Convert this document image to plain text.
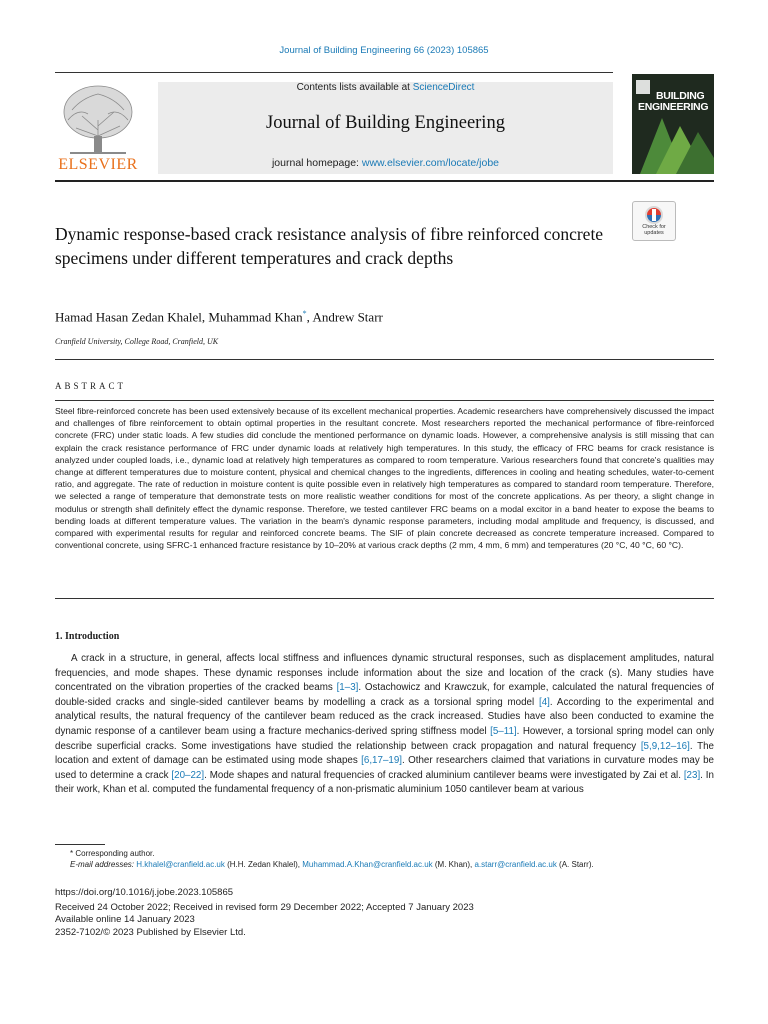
Journal of Building Engineering 66 (2023) 105865
ELSEVIER
Contents lists available at ScienceDirect
Journal of Building Engineering
journal homepage: www.elsevier.com/locate/jobe
BUILDING
ENGINEERING
Check for updates
Dynamic response-based crack resistance analysis of fibre reinforced concrete specimens under different temperatures and crack depths
Hamad Hasan Zedan Khalel, Muhammad Khan*, Andrew Starr
Cranfield University, College Road, Cranfield, UK
ABSTRACT
Steel fibre-reinforced concrete has been used extensively because of its excellent mechanical properties. Academic researchers have comprehensively discussed the impact and challenges of fibre reinforcement to obtain optimal properties in the resultant concrete. Most researchers reported the mechanical performance of fibre-reinforced concrete (FRC) under static loads. A few studies did conclude the mentioned performance on dynamic loads. However, a comprehensive analysis is still missing that can explain the crack resistance performance of FRC under dynamic loads at relatively high temperatures. In this study, the efficacy of FRC beams for crack resistance is analyzed under coupled loads, i.e., dynamic load at relatively high temperatures as compared to room temperature. Various researchers found that concrete's qualities may change at different temperatures due to moisture content, physical and chemical changes to the ingredients, differences in cooling and heating schedules, water-to-cement ratio, and aggregate. The rate of reduction in moisture content is quite possible even in relatively high temperatures as compared to standard room temperature. Therefore, we selected a range of temperature that demonstrate tests on more realistic weather conditions for most of the concrete applications. As per theory, a slight change in modulus or strength shall definitely effect the dynamic response. Therefore, we tested cantilever FRC beams on a modal excitor in a band heater to expose the beams to bending loads at different temperature values. The variation in the beam's dynamic response parameters, including modal amplitude and frequency, is discussed, and compared with experimental results for regular and reinforced concrete beams. The SIF of plain concrete decreased as concrete temperature increased. Compared to conventional concrete, using SFRC-1 enhanced fracture resistance by 10–20% at various crack depths (2 mm, 4 mm, 6 mm) and temperatures (20 °C, 40 °C, 60 °C).
1. Introduction
A crack in a structure, in general, affects local stiffness and influences dynamic structural responses, such as displacement amplitudes, natural frequencies, and mode shapes. These dynamic responses include information about the size and location of the crack (s). Many studies have concentrated on the vibration properties of the cracked beams [1–3]. Ostachowicz and Krawczuk, for example, calculated the natural frequencies of double-sided cracks and single-sided cantilever beams by modelling a crack as a torsional spring model [4]. According to the experimental and analytical results, the natural frequency of the cantilever beam reduced as the crack increased. Studies have also been conducted to examine the dynamic response of a cantilever beam using a fracture mechanics-derived spring stiffness model [5–11]. However, a torsional spring model can only describe superficial cracks. Some investigations have studied the relationship between crack propagation and natural frequency [5,9,12–16]. The location and extent of damage can be estimated using mode shapes [6,17–19]. Other researchers claimed that variations in curvature modes may be used to determine a crack [20–22]. Mode shapes and natural frequencies of cracked aluminium cantilever beams were investigated by Zai et al. [23]. In their work, Khan et al. computed the fundamental frequency of a non-prismatic aluminium 1050 cantilever beam at various
* Corresponding author.
E-mail addresses: H.khalel@cranfield.ac.uk (H.H. Zedan Khalel), Muhammad.A.Khan@cranfield.ac.uk (M. Khan), a.starr@cranfield.ac.uk (A. Starr).
https://doi.org/10.1016/j.jobe.2023.105865
Received 24 October 2022; Received in revised form 29 December 2022; Accepted 7 January 2023
Available online 14 January 2023
2352-7102/© 2023 Published by Elsevier Ltd.
